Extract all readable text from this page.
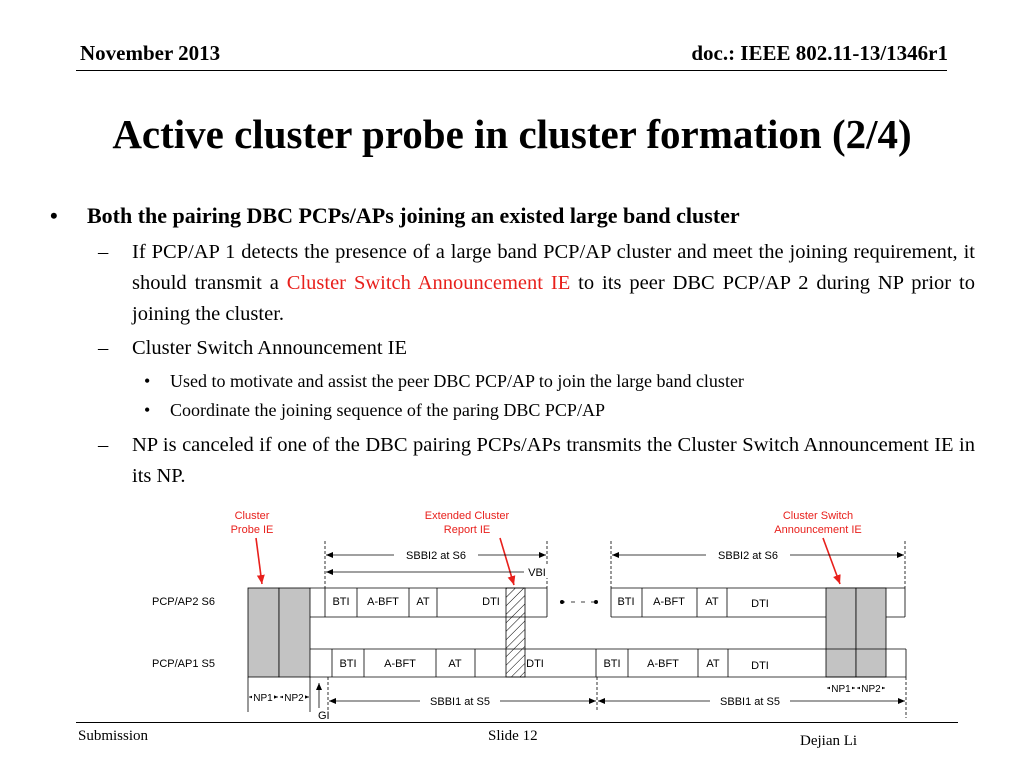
November 2013	doc.: IEEE 802.11-13/1346r1
Active cluster probe in cluster formation (2/4)
• Both the pairing DBC PCPs/APs joining an existed large band cluster
– If PCP/AP 1 detects the presence of a large band PCP/AP cluster and meet the joining requirement, it should transmit a Cluster Switch Announcement IE to its peer DBC PCP/AP 2 during NP prior to joining the cluster.
– Cluster Switch Announcement IE
• Used to motivate and assist the peer DBC PCP/AP to join the large band cluster
• Coordinate the joining sequence of the paring DBC PCP/AP
– NP is canceled if one of the DBC pairing PCPs/APs transmits the Cluster Switch Announcement IE in its NP.
Cluster
Probe IE
Extended Cluster
Report IE
Cluster Switch
Announcement IE
SBBI2 at S6	SBBI2 at S6
VBI
PCP/AP2 S6
PCP/AP1 S5
BTI A-BFT AT	DTI	BTI A-BFT AT	DTI
BTI	A-BFT	AT	DTI	BTI A-BFT AT	DTI
NP1 NP2	SBBI1 at S5	SBBI1 at S5
NP1 NP2
GI
Submission	Slide 12	Dejian Li
